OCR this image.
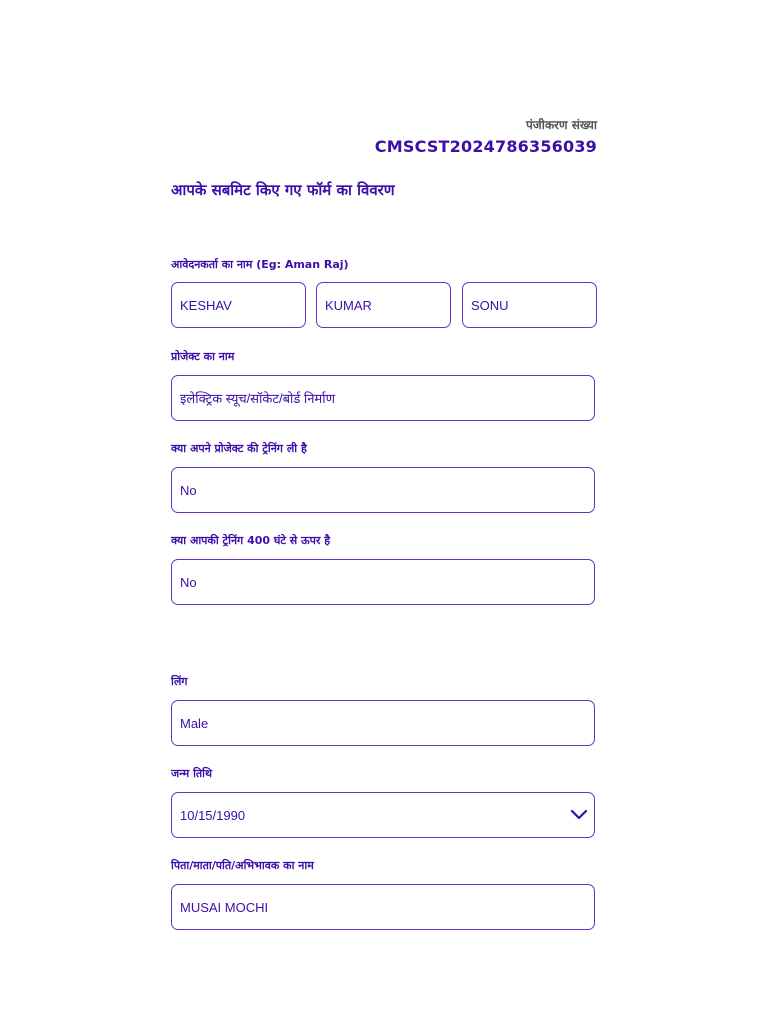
पंजीकरण संख्या
CMSCST2024786356039
आपके सबमिट किए गए फॉर्म का विवरण
आवेदनकर्ता का नाम (Eg: Aman Raj)
KESHAV	KUMAR	SONU
प्रोजेक्ट का नाम
इलेक्ट्रिक स्यूच/सॉकेट/बोर्ड निर्माण
क्या अपने प्रोजेक्ट की ट्रेनिंग ली है
No
क्या आपकी ट्रेनिंग 400 घंटे से ऊपर है
No
लिंग
Male
जन्म तिथि
10/15/1990
पिता/माता/पति/अभिभावक का नाम
MUSAI MOCHI
